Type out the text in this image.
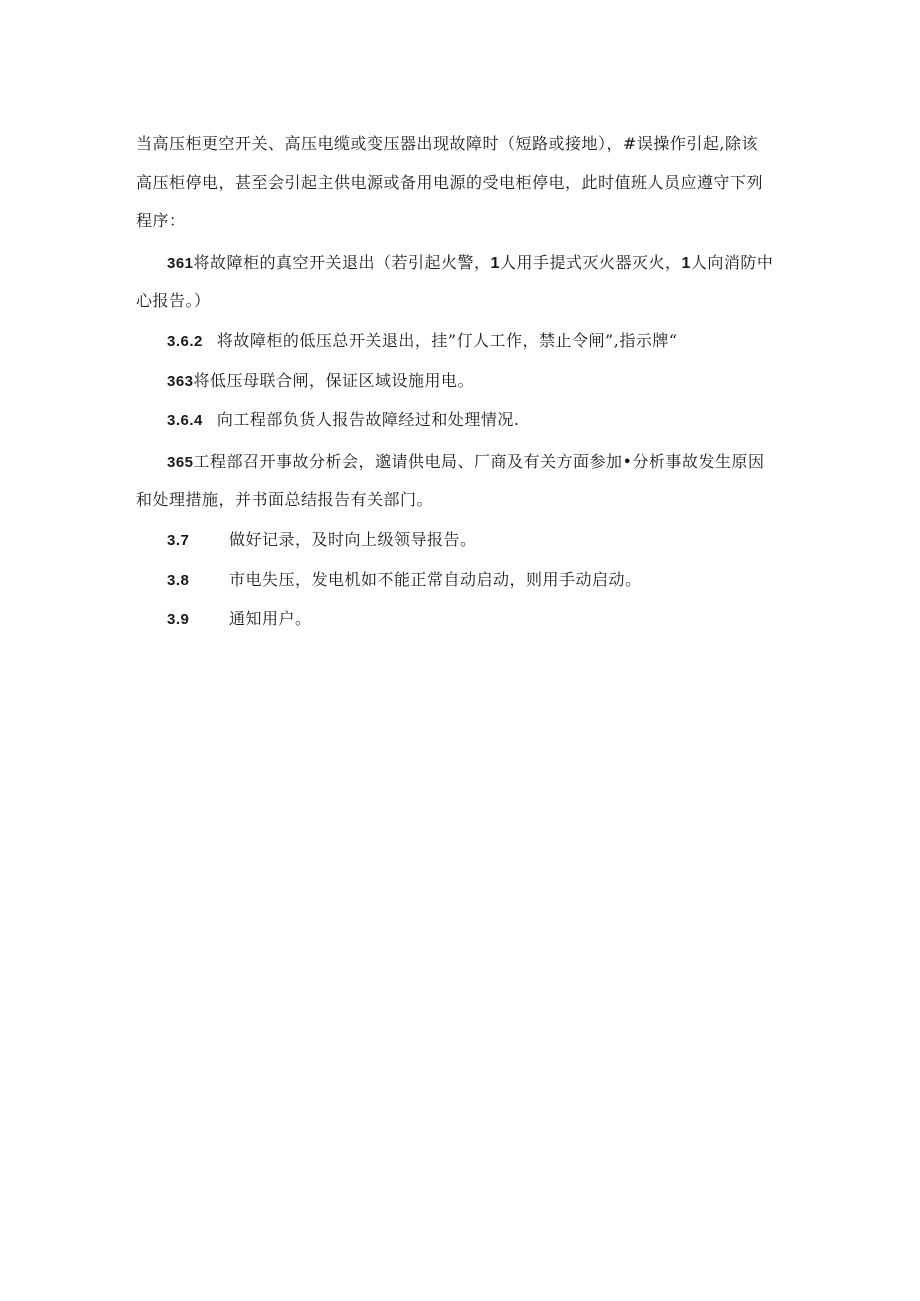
当高压柜更空开关、高压电缆或变压器出现故障时（短路或接地），#误操作引起,除该
高压柜停电，甚至会引起主供电源或备用电源的受电柜停电，此时值班人员应遵守下列
程序：
361将故障柜的真空开关退出（若引起火警，1人用手提式灭火器灭火，1人向消防中
心报告。）
3.6.2 将故障柜的低压总开关退出，挂”仃人工作，禁止令闸”,指示牌“
363将低压母联合闸，保证区域设施用电。
3.6.4 向工程部负货人报告故障经过和处理情况.
365工程部召开事故分析会，邈请供电局、厂商及有关方面参加•分析事故发生原因
和处理措施，并书面总结报告有关部门。
3.7 做好记录，及时向上级领导报告。
3.8 市电失压，发电机如不能正常自动启动，则用手动启动。
3.9 通知用户。
